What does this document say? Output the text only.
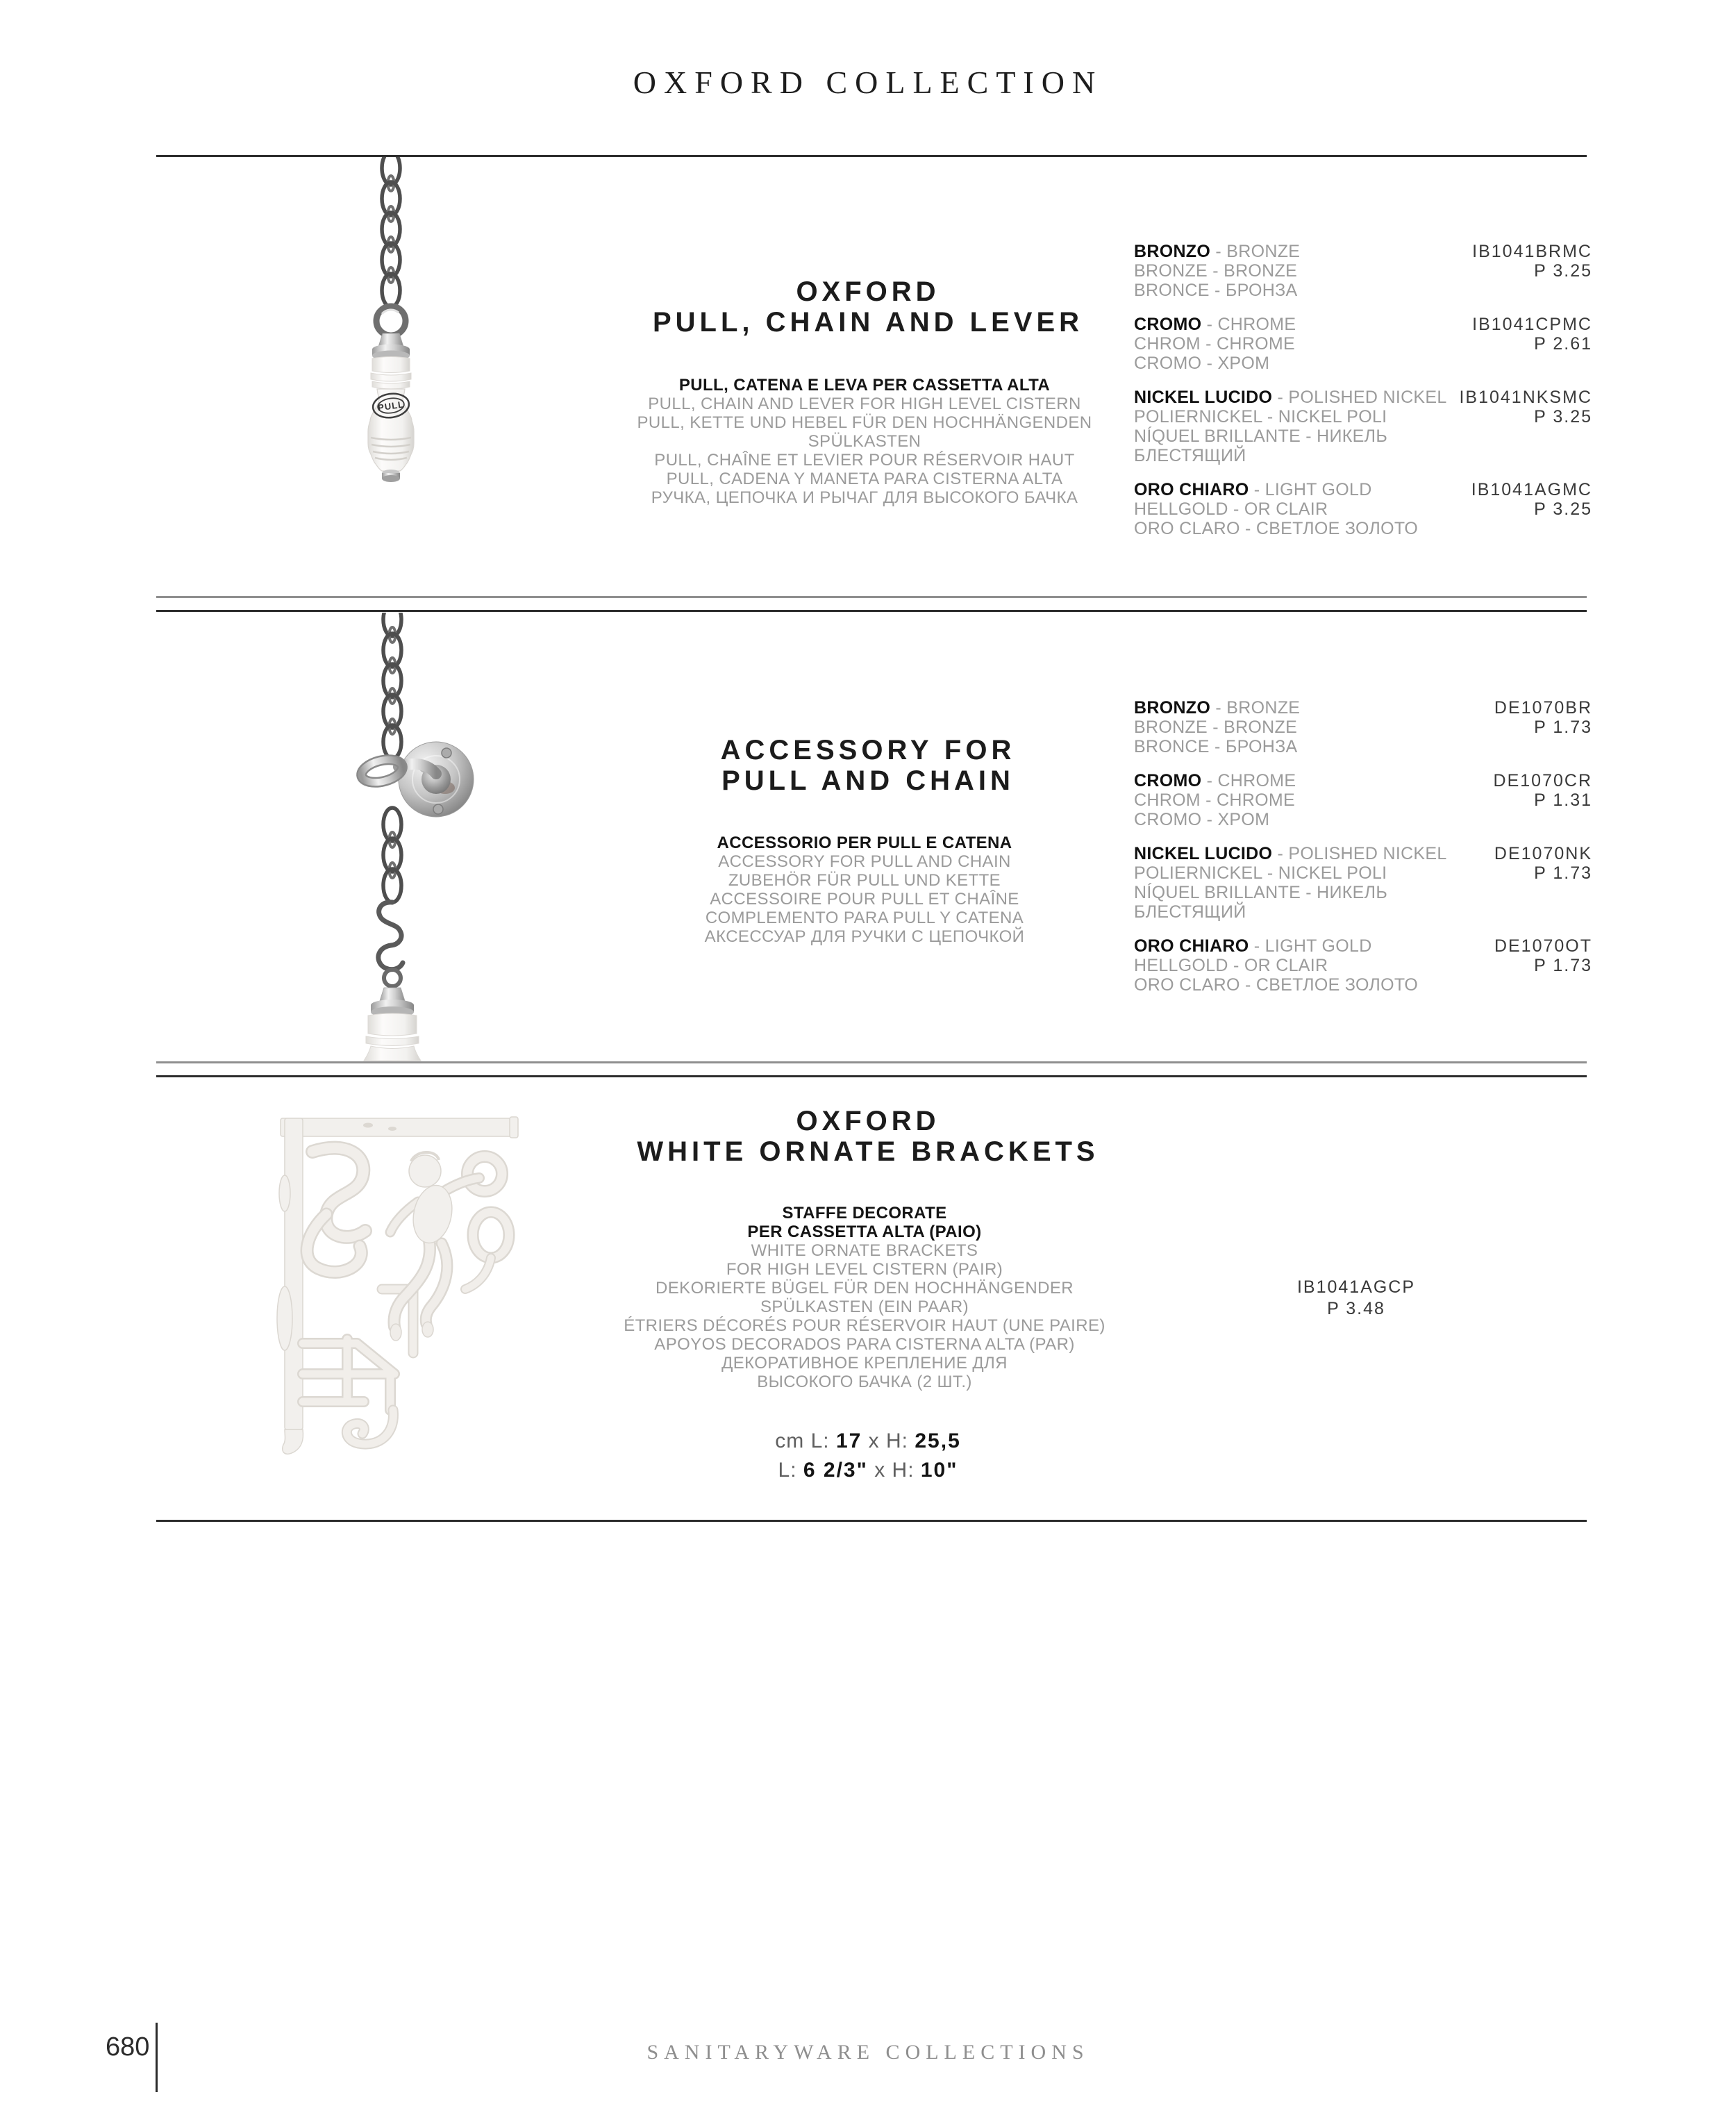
OXFORD COLLECTION
PULL
OXFORD
PULL, CHAIN AND LEVER
PULL, CATENA E LEVA PER CASSETTA ALTA
PULL, CHAIN AND LEVER FOR HIGH LEVEL CISTERN
PULL, KETTE UND HEBEL FÜR DEN HOCHHÄNGENDEN
SPÜLKASTEN
PULL, CHAÎNE ET LEVIER POUR RÉSERVOIR HAUT
PULL, CADENA Y MANETA PARA CISTERNA ALTA
РУЧКА, ЦЕПОЧКА И РЫЧАГ ДЛЯ ВЫСОКОГО БАЧКА
BRONZO - BRONZE
BRONZE - BRONZE
BRONCE - БРОНЗА
IB1041BRMC
P 3.25
CROMO - CHROME
CHROM - CHROME
CROMO - XPOM
IB1041CPMC
P 2.61
NICKEL LUCIDO - POLISHED NICKEL
POLIERNICKEL - NICKEL POLI
NÍQUEL BRILLANTE - НИКЕЛЬ БЛЕСТЯЩИЙ
IB1041NKSMC
P 3.25
ORO CHIARO - LIGHT GOLD
HELLGOLD - OR CLAIR
ORO CLARO - СВЕТЛОЕ ЗОЛОТО
IB1041AGMC
P 3.25
ACCESSORY FOR
PULL AND CHAIN
ACCESSORIO PER PULL E CATENA
ACCESSORY FOR PULL AND CHAIN
ZUBEHÖR FÜR PULL UND KETTE
ACCESSOIRE POUR PULL ET CHAÎNE
COMPLEMENTO PARA PULL Y CATENA
АКСЕССУАР ДЛЯ РУЧКИ С ЦЕПОЧКОЙ
BRONZO - BRONZE
BRONZE - BRONZE
BRONCE - БРОНЗА
DE1070BR
P 1.73
CROMO - CHROME
CHROM - CHROME
CROMO - XPOM
DE1070CR
P 1.31
NICKEL LUCIDO - POLISHED NICKEL
POLIERNICKEL - NICKEL POLI
NÍQUEL BRILLANTE - НИКЕЛЬ БЛЕСТЯЩИЙ
DE1070NK
P 1.73
ORO CHIARO - LIGHT GOLD
HELLGOLD - OR CLAIR
ORO CLARO - СВЕТЛОЕ ЗОЛОТО
DE1070OT
P 1.73
OXFORD
WHITE ORNATE BRACKETS
STAFFE DECORATE
PER CASSETTA ALTA (PAIO)
WHITE ORNATE BRACKETS
FOR HIGH LEVEL CISTERN (PAIR)
DEKORIERTE BÜGEL FÜR DEN HOCHHÄNGENDER
SPÜLKASTEN (EIN PAAR)
ÉTRIERS DÉCORÉS POUR RÉSERVOIR HAUT (UNE PAIRE)
APOYOS DECORADOS PARA CISTERNA ALTA (PAR)
ДЕКОРАТИВНОЕ КРЕПЛЕНИЕ ДЛЯ
ВЫСОКОГО БАЧКА (2 ШТ.)
IB1041AGCP
P 3.48
cm L: 17 x H: 25,5
L: 6 2/3" x H: 10"
680	SANITARYWARE COLLECTIONS
